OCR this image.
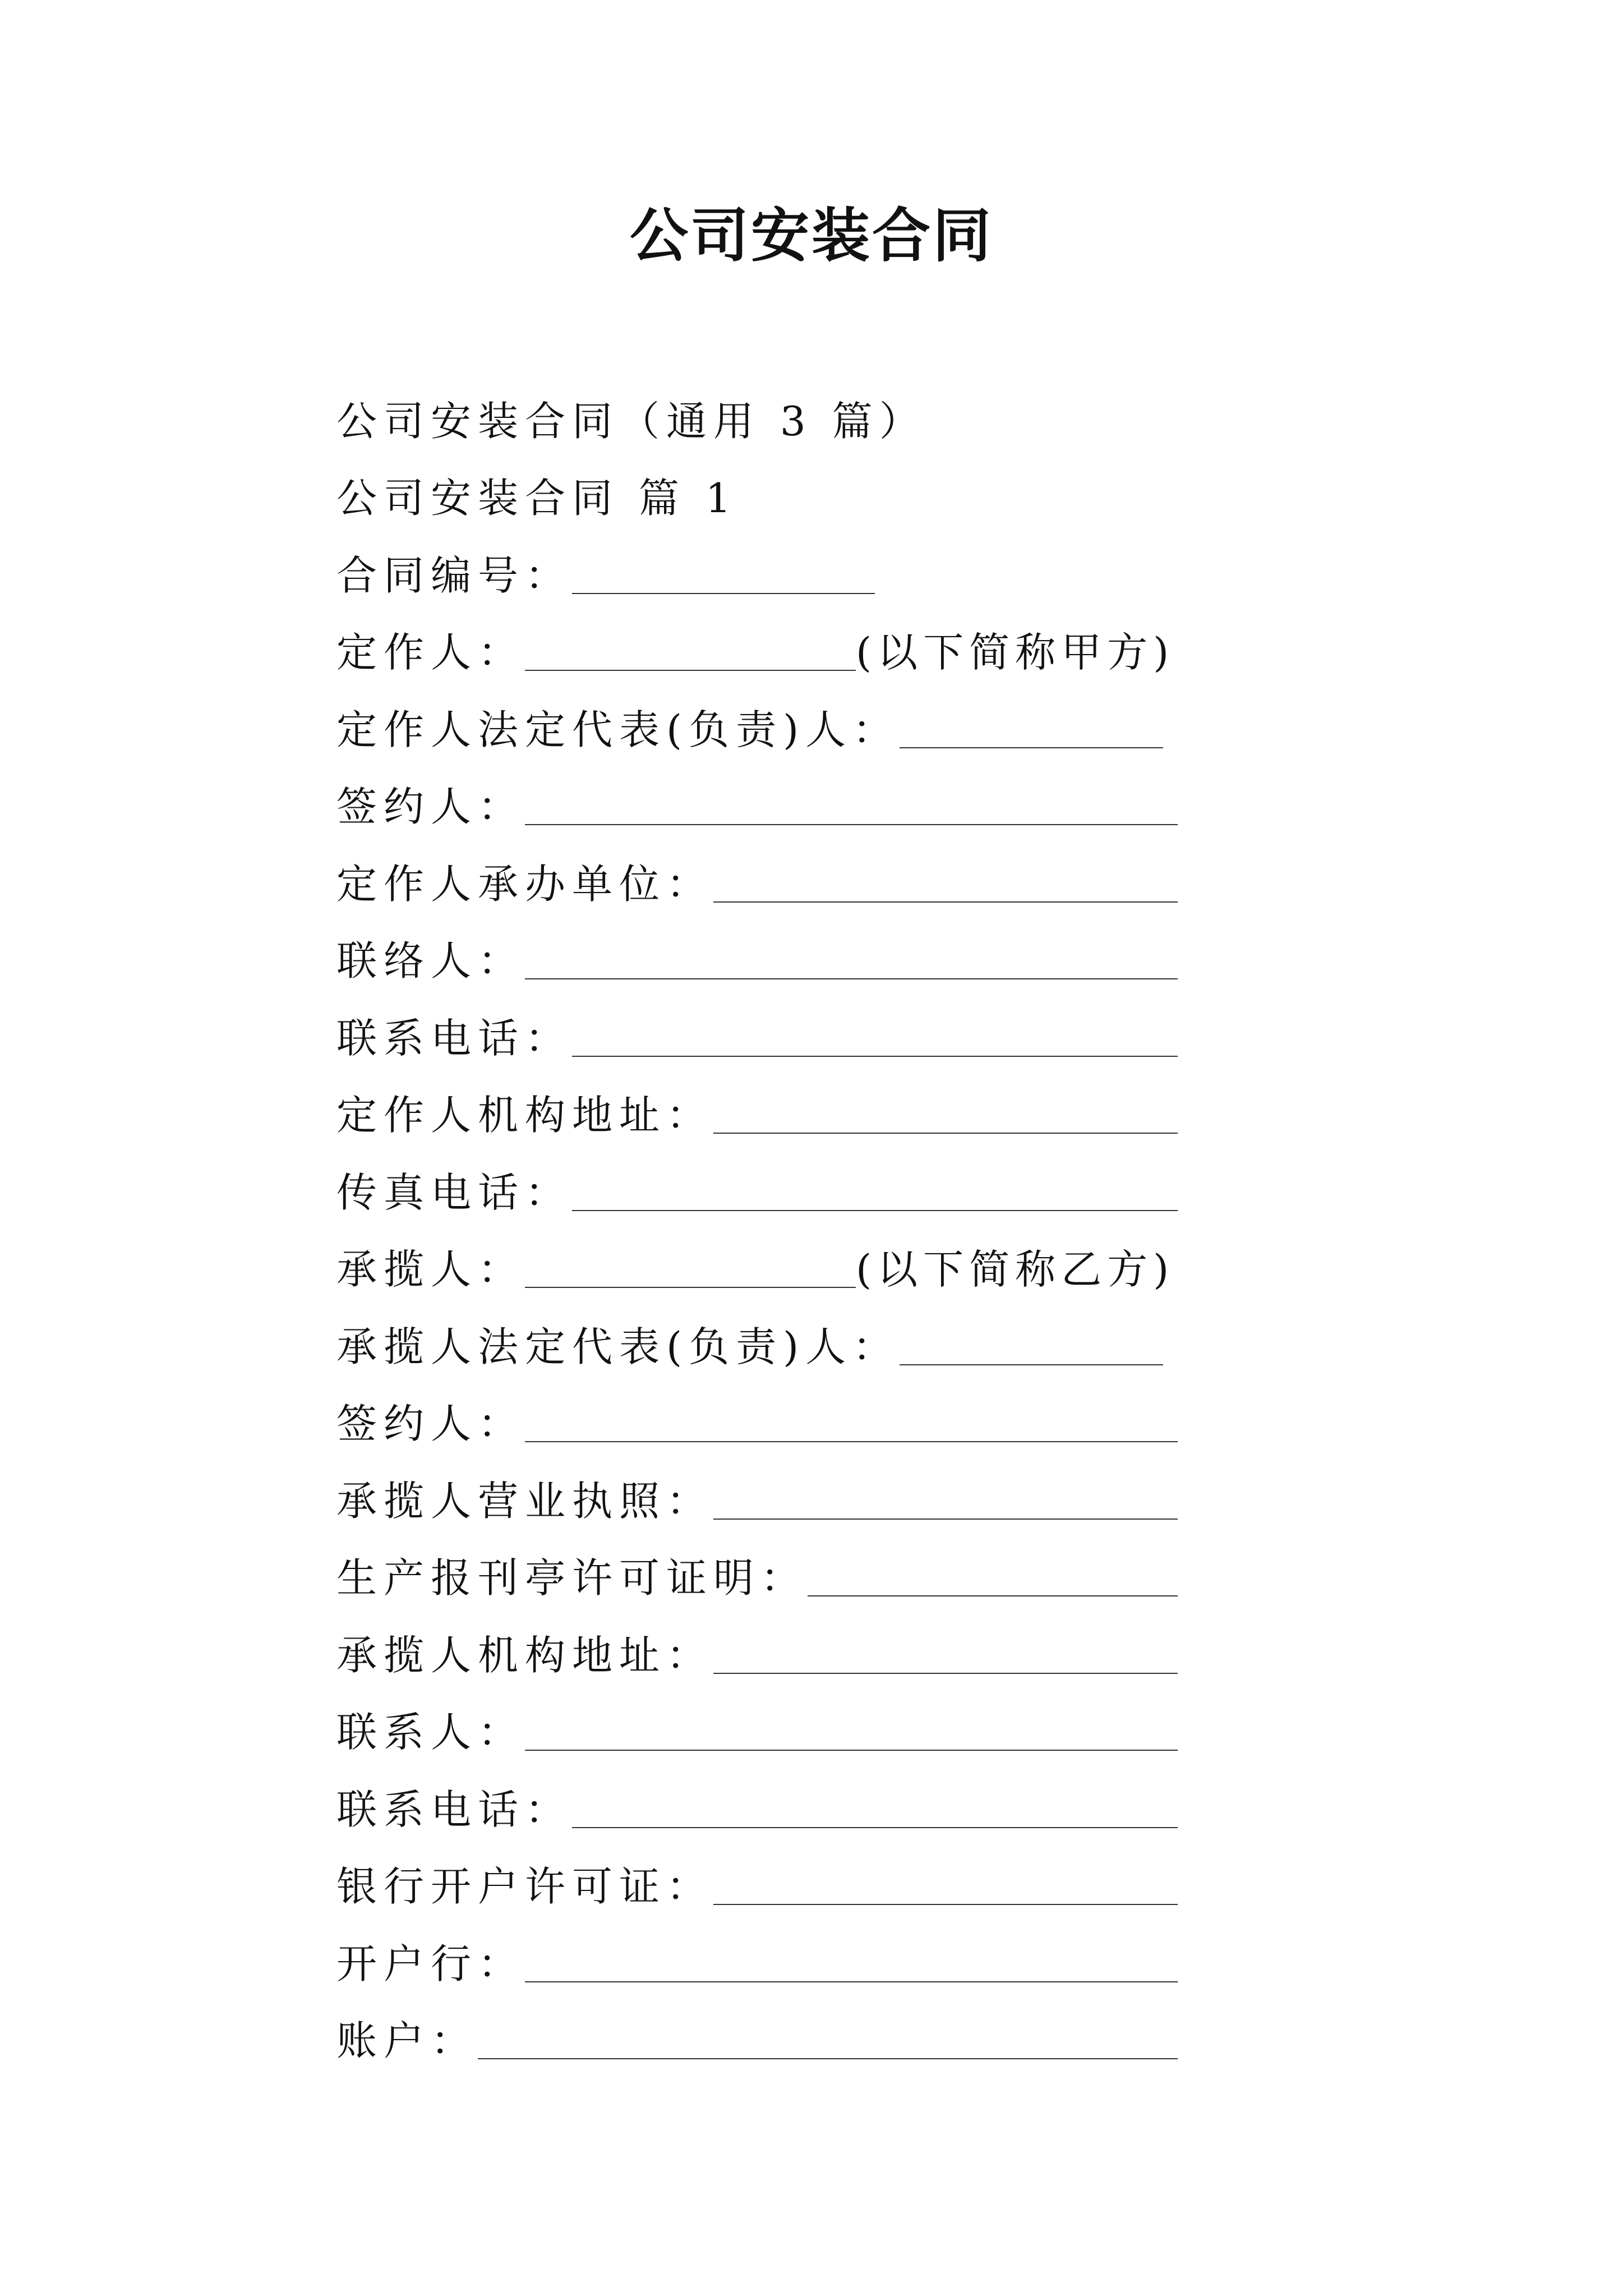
公司安装合同
公司安装合同（通用 3 篇）
公司安装合同 篇 1
合同编号：
定作人：	(以下简称甲方)
定作人法定代表(负责)人：
签约人：
定作人承办单位：
联络人：
联系电话：
定作人机构地址：
传真电话：
承揽人：	(以下简称乙方)
承揽人法定代表(负责)人：
签约人：
承揽人营业执照：
生产报刊亭许可证明：
承揽人机构地址：
联系人：
联系电话：
银行开户许可证：
开户行：
账户：
